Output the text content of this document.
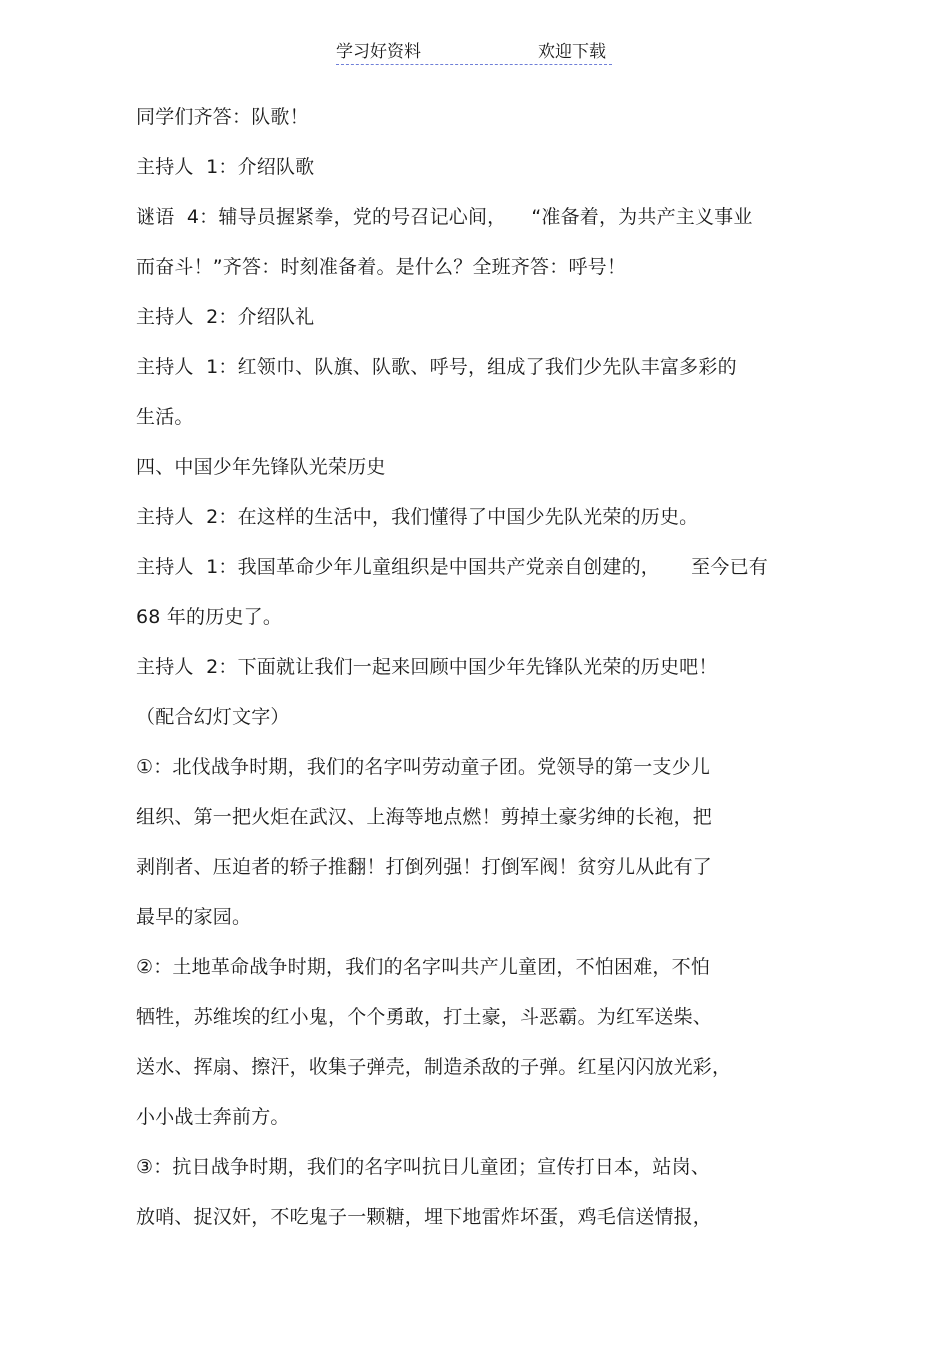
学习好资料	欢迎下载
同学们齐答：队歌！
主持人  1：介绍队歌
谜语  4：辅导员握紧拳，党的号召记心间，    “准备着，为共产主义事业
而奋斗！”齐答：时刻准备着。是什么？全班齐答：呼号！
主持人  2：介绍队礼
主持人  1：红领巾、队旗、队歌、呼号，组成了我们少先队丰富多彩的
生活。
四、中国少年先锋队光荣历史
主持人  2：在这样的生活中，我们懂得了中国少先队光荣的历史。
主持人  1：我国革命少年儿童组织是中国共产党亲自创建的，     至今已有
68 年的历史了。
主持人  2：下面就让我们一起来回顾中国少年先锋队光荣的历史吧！
（配合幻灯文字）
①：北伐战争时期，我们的名字叫劳动童子团。党领导的第一支少儿
组织、第一把火炬在武汉、上海等地点燃！剪掉土豪劣绅的长袍，把
剥削者、压迫者的轿子推翻！打倒列强！打倒军阀！贫穷儿从此有了
最早的家园。
②：土地革命战争时期，我们的名字叫共产儿童团，不怕困难，不怕
牺牲，苏维埃的红小鬼，个个勇敢，打土豪，斗恶霸。为红军送柴、
送水、挥扇、擦汗，收集子弹壳，制造杀敌的子弹。红星闪闪放光彩，
小小战士奔前方。
③：抗日战争时期，我们的名字叫抗日儿童团；宣传打日本，站岗、
放哨、捉汉奸，不吃鬼子一颗糖，埋下地雷炸坏蛋，鸡毛信送情报，
